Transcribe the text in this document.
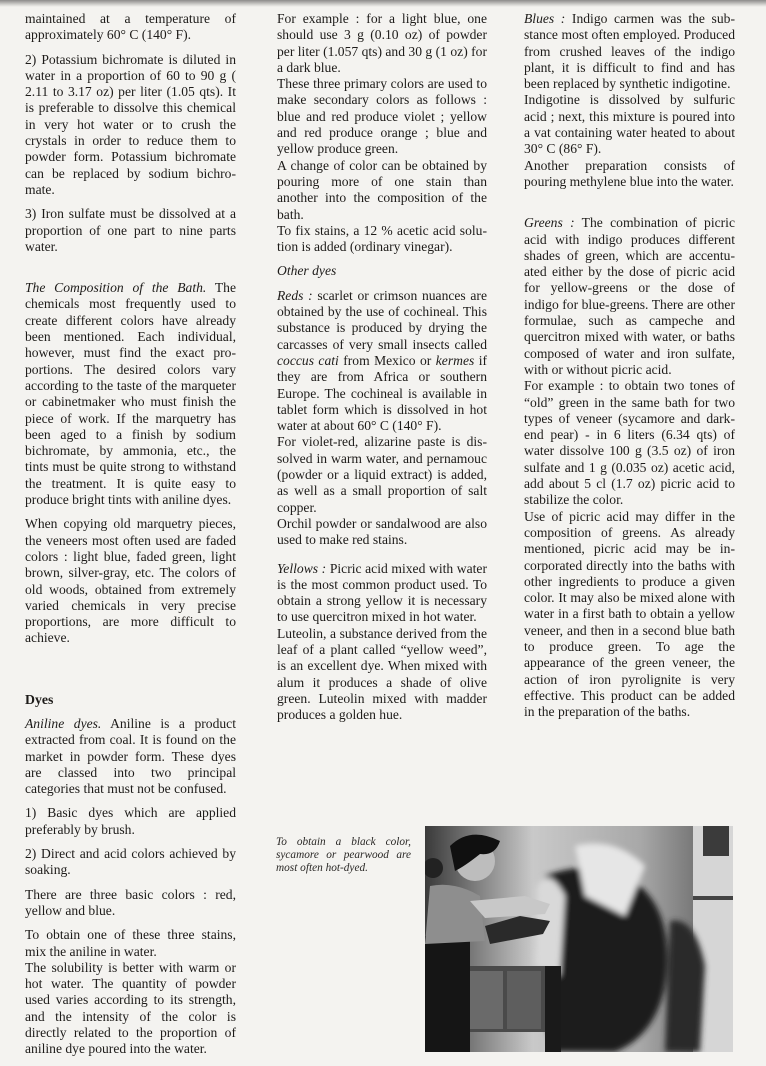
maintained at a temperature of approximately 60° C (140° F).

2) Potassium bichromate is diluted in water in a proportion of 60 to 90 g ( 2.11 to 3.17 oz) per liter (1.05 qts). It is preferable to dissolve this chemical in very hot water or to crush the crystals in order to reduce them to powder form. Potassium bichromate can be replaced by sodium bichromate.

3) Iron sulfate must be dissolved at a proportion of one part to nine parts water.

The Composition of the Bath. The chemicals most frequently used to create different colors have already been mentioned. Each individual, however, must find the exact proportions. The desired colors vary according to the taste of the marqueter or cabinetmaker who must finish the piece of work. If the marquetry has been aged to a finish by sodium bichromate, by ammonia, etc., the tints must be quite strong to withstand the treatment. It is quite easy to produce bright tints with aniline dyes.

When copying old marquetry pieces, the veneers most often used are faded colors : light blue, faded green, light brown, silver-gray, etc. The colors of old woods, obtained from extremely varied chemicals in very precise proportions, are more difficult to achieve.

Dyes

Aniline dyes. Aniline is a product extracted from coal. It is found on the market in powder form. These dyes are classed into two principal categories that must not be confused.

1) Basic dyes which are applied preferably by brush.

2) Direct and acid colors achieved by soaking.

There are three basic colors : red, yellow and blue.

To obtain one of these three stains, mix the aniline in water.

The solubility is better with warm or hot water. The quantity of powder used varies according to its strength, and the intensity of the color is directly related to the proportion of aniline dye poured into the water.

For example : for a light blue, one should use 3 g (0.10 oz) of powder per liter (1.057 qts) and 30 g (1 oz) for a dark blue.

These three primary colors are used to make secondary colors as follows : blue and red produce violet ; yellow and red produce orange ; blue and yellow produce green.

A change of color can be obtained by pouring more of one stain than another into the composition of the bath.

To fix stains, a 12 % acetic acid solution is added (ordinary vinegar).

Other dyes

Reds : scarlet or crimson nuances are obtained by the use of cochineal. This substance is produced by drying the carcasses of very small insects called coccus cati from Mexico or kermes if they are from Africa or southern Europe. The cochineal is available in tablet form which is dissolved in hot water at about 60° C (140° F).

For violet-red, alizarine paste is dissolved in warm water, and pernamouc (powder or a liquid extract) is added, as well as a small proportion of salt copper.

Orchil powder or sandalwood are also used to make red stains.

Yellows : Picric acid mixed with water is the most common product used. To obtain a strong yellow it is necessary to use quercitron mixed in hot water.

Luteolin, a substance derived from the leaf of a plant called “yellow weed”, is an excellent dye. When mixed with alum it produces a shade of olive green. Luteolin mixed with madder produces a golden hue.

Blues : Indigo carmen was the substance most often employed. Produced from crushed leaves of the indigo plant, it is difficult to find and has been replaced by synthetic indigotine.

Indigotine is dissolved by sulfuric acid ; next, this mixture is poured into a vat containing water heated to about 30° C (86° F).

Another preparation consists of pouring methylene blue into the water.

Greens : The combination of picric acid with indigo produces different shades of green, which are accentuated either by the dose of picric acid for yellow-greens or the dose of indigo for blue-greens. There are other formulae, such as campeche and quercitron mixed with water, or baths composed of water and iron sulfate, with or without picric acid.

For example : to obtain two tones of “old” green in the same bath for two types of veneer (sycamore and darkend pear) - in 6 liters (6.34 qts) of water dissolve 100 g (3.5 oz) of iron sulfate and 1 g (0.035 oz) acetic acid, add about 5 cl (1.7 oz) picric acid to stabilize the color.

Use of picric acid may differ in the composition of greens. As already mentioned, picric acid may be incorporated directly into the baths with other ingredients to produce a given color. It may also be mixed alone with water in a first bath to obtain a yellow veneer, and then in a second blue bath to produce green. To age the appearance of the green veneer, the action of iron pyrolignite is very effective. This product can be added in the preparation of the baths.

To obtain a black color, sycamore or pearwood are most often hot-dyed.
